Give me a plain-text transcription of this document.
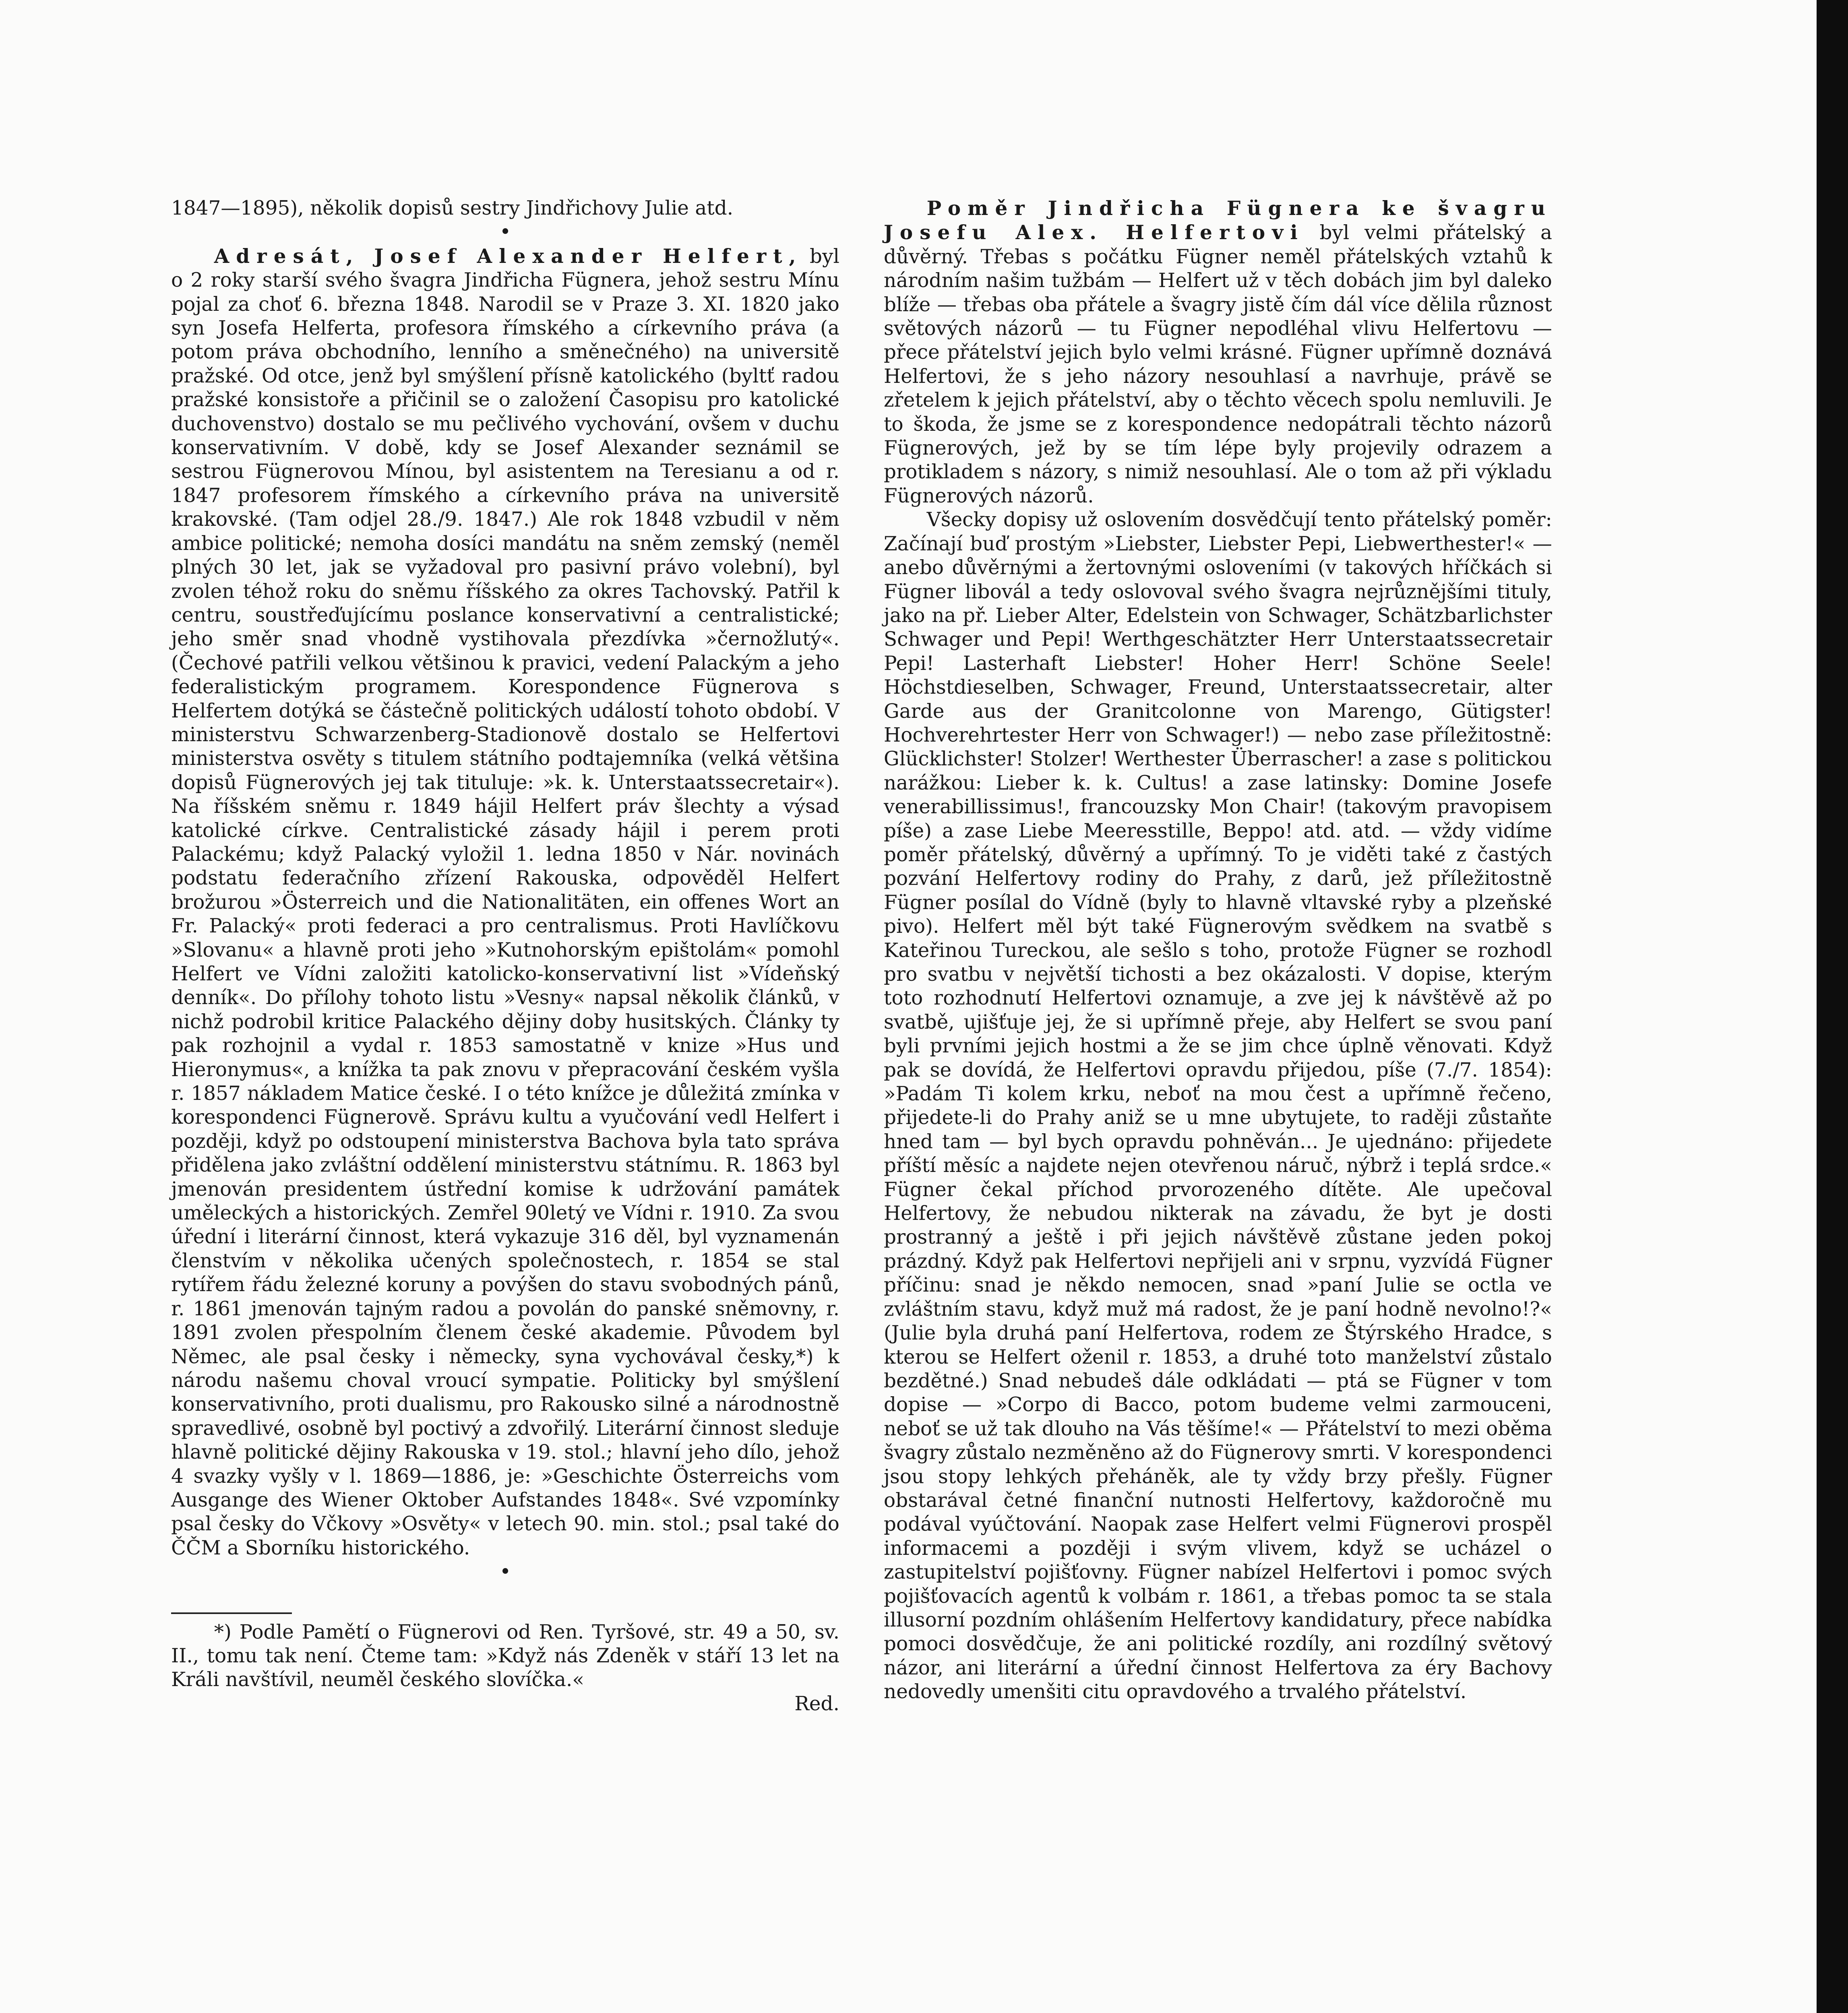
1847—1895), několik dopisů sestry Jindřichovy Julie atd.

•

Adresát, Josef Alexander Helfert, byl o 2 roky starší svého švagra Jindřicha Fügnera, jehož sestru Mínu pojal za choť 6. března 1848. Narodil se v Praze 3. XI. 1820 jako syn Josefa Helferta, profesora římského a církevního práva (a potom práva obchodního, lenního a směnečného) na universitě pražské. Od otce, jenž byl smýšlení přísně katolického (byltť radou pražské konsistoře a přičinil se o založení Časopisu pro katolické duchovenstvo) dostalo se mu pečlivého vychování, ovšem v duchu konservativním. V době, kdy se Josef Alexander seznámil se sestrou Fügnerovou Mínou, byl asistentem na Teresianu a od r. 1847 profesorem římského a církevního práva na universitě krakovské. (Tam odjel 28./9. 1847.) Ale rok 1848 vzbudil v něm ambice politické; nemoha dosíci mandátu na sněm zemský (neměl plných 30 let, jak se vyžadoval pro pasivní právo volební), byl zvolen téhož roku do sněmu říšského za okres Tachovský. Patřil k centru, soustřeďujícímu poslance konservativní a centralistické; jeho směr snad vhodně vystihovala přezdívka »černožlutý«. (Čechové patřili velkou většinou k pravici, vedení Palackým a jeho federalistickým programem. Korespondence Fügnerova s Helfertem dotýká se částečně politických událostí tohoto období. V ministerstvu Schwarzenberg-Stadionově dostalo se Helfertovi ministerstva osvěty s titulem státního podtajemníka (velká většina dopisů Fügnerových jej tak tituluje: »k. k. Unterstaatssecretair«). Na říšském sněmu r. 1849 hájil Helfert práv šlechty a výsad katolické církve. Centralistické zásady hájil i perem proti Palackému; když Palacký vyložil 1. ledna 1850 v Nár. novinách podstatu federačního zřízení Rakouska, odpověděl Helfert brožurou »Österreich und die Nationalitäten, ein offenes Wort an Fr. Palacký« proti federaci a pro centralismus. Proti Havlíčkovu »Slovanu« a hlavně proti jeho »Kutnohorským epištolám« pomohl Helfert ve Vídni založiti katolicko-konservativní list »Vídeňský denník«. Do přílohy tohoto listu »Vesny« napsal několik článků, v nichž podrobil kritice Palackého dějiny doby husitských. Články ty pak rozhojnil a vydal r. 1853 samostatně v knize »Hus und Hieronymus«, a knížka ta pak znovu v přepracování českém vyšla r. 1857 nákladem Matice české. I o této knížce je důležitá zmínka v korespondenci Fügnerově. Správu kultu a vyučování vedl Helfert i později, když po odstoupení ministerstva Bachova byla tato správa přidělena jako zvláštní oddělení ministerstvu státnímu. R. 1863 byl jmenován presidentem ústřední komise k udržování památek uměleckých a historických. Zemřel 90letý ve Vídni r. 1910. Za svou úřední i literární činnost, která vykazuje 316 děl, byl vyznamenán členstvím v několika učených společnostech, r. 1854 se stal rytířem řádu železné koruny a povýšen do stavu svobodných pánů, r. 1861 jmenován tajným radou a povolán do panské sněmovny, r. 1891 zvolen přespolním členem české akademie. Původem byl Němec, ale psal česky i německy, syna vychovával česky,*) k národu našemu choval vroucí sympatie. Politicky byl smýšlení konservativního, proti dualismu, pro Rakousko silné a národnostně spravedlivé, osobně byl poctivý a zdvořilý. Literární činnost sleduje hlavně politické dějiny Rakouska v 19. stol.; hlavní jeho dílo, jehož 4 svazky vyšly v l. 1869—1886, je: »Geschichte Österreichs vom Ausgange des Wiener Oktober Aufstandes 1848«. Své vzpomínky psal česky do Včkovy »Osvěty« v letech 90. min. stol.; psal také do ČČM a Sborníku historického.

•

*) Podle Pamětí o Fügnerovi od Ren. Tyršové, str. 49 a 50, sv. II., tomu tak není. Čteme tam: »Když nás Zdeněk v stáří 13 let na Králi navštívil, neuměl českého slovíčka.«

Red.

Poměr Jindřicha Fügnera ke švagru Josefu Alex. Helfertovi byl velmi přátelský a důvěrný. Třebas s počátku Fügner neměl přátelských vztahů k národním našim tužbám — Helfert už v těch dobách jim byl daleko blíže — třebas oba přátele a švagry jistě čím dál více dělila různost světových názorů — tu Fügner nepodléhal vlivu Helfertovu — přece přátelství jejich bylo velmi krásné. Fügner upřímně doznává Helfertovi, že s jeho názory nesouhlasí a navrhuje, právě se zřetelem k jejich přátelství, aby o těchto věcech spolu nemluvili. Je to škoda, že jsme se z korespondence nedopátrali těchto názorů Fügnerových, jež by se tím lépe byly projevily odrazem a protikladem s názory, s nimiž nesouhlasí. Ale o tom až při výkladu Fügnerových názorů.

Všecky dopisy už oslovením dosvědčují tento přátelský poměr: Začínají buď prostým »Liebster, Liebster Pepi, Liebwerthester!« — anebo důvěrnými a žertovnými osloveními (v takových hříčkách si Fügner libovál a tedy oslovoval svého švagra nejrůznějšími tituly, jako na př. Lieber Alter, Edelstein von Schwager, Schätzbarlichster Schwager und Pepi! Werthgeschätzter Herr Unterstaatssecretair Pepi! Lasterhaft Liebster! Hoher Herr! Schöne Seele! Höchstdieselben, Schwager, Freund, Unterstaatssecretair, alter Garde aus der Granitcolonne von Marengo, Gütigster! Hochverehrtester Herr von Schwager!) — nebo zase příležitostně: Glücklichster! Stolzer! Werthester Überrascher! a zase s politickou narážkou: Lieber k. k. Cultus! a zase latinsky: Domine Josefe venerabillissimus!, francouzsky Mon Chair! (takovým pravopisem píše) a zase Liebe Meeresstille, Beppo! atd. atd. — vždy vidíme poměr přátelský, důvěrný a upřímný. To je viděti také z častých pozvání Helfertovy rodiny do Prahy, z darů, jež příležitostně Fügner posílal do Vídně (byly to hlavně vltavské ryby a plzeňské pivo). Helfert měl být také Fügnerovým svědkem na svatbě s Kateřinou Tureckou, ale sešlo s toho, protože Fügner se rozhodl pro svatbu v největší tichosti a bez okázalosti. V dopise, kterým toto rozhodnutí Helfertovi oznamuje, a zve jej k návštěvě až po svatbě, ujišťuje jej, že si upřímně přeje, aby Helfert se svou paní byli prvními jejich hostmi a že se jim chce úplně věnovati. Když pak se dovídá, že Helfertovi opravdu přijedou, píše (7./7. 1854): »Padám Ti kolem krku, neboť na mou čest a upřímně řečeno, přijedete-li do Prahy aniž se u mne ubytujete, to raději zůstaňte hned tam — byl bych opravdu pohněván... Je ujednáno: přijedete příští měsíc a najdete nejen otevřenou náruč, nýbrž i teplá srdce.« Fügner čekal příchod prvorozeného dítěte. Ale upečoval Helfertovy, že nebudou nikterak na závadu, že byt je dosti prostranný a ještě i při jejich návštěvě zůstane jeden pokoj prázdný. Když pak Helfertovi nepřijeli ani v srpnu, vyzvídá Fügner příčinu: snad je někdo nemocen, snad »paní Julie se octla ve zvláštním stavu, když muž má radost, že je paní hodně nevolno!?« (Julie byla druhá paní Helfertova, rodem ze Štýrského Hradce, s kterou se Helfert oženil r. 1853, a druhé toto manželství zůstalo bezdětné.) Snad nebudeš dále odkládati — ptá se Fügner v tom dopise — »Corpo di Bacco, potom budeme velmi zarmouceni, neboť se už tak dlouho na Vás těšíme!« — Přátelství to mezi oběma švagry zůstalo nezměněno až do Fügnerovy smrti. V korespondenci jsou stopy lehkých přeháněk, ale ty vždy brzy přešly. Fügner obstarával četné finanční nutnosti Helfertovy, každoročně mu podával vyúčtování. Naopak zase Helfert velmi Fügnerovi prospěl informacemi a později i svým vlivem, když se ucházel o zastupitelství pojišťovny. Fügner nabízel Helfertovi i pomoc svých pojišťovacích agentů k volbám r. 1861, a třebas pomoc ta se stala illusorní pozdním ohlášením Helfertovy kandidatury, přece nabídka pomoci dosvědčuje, že ani politické rozdíly, ani rozdílný světový názor, ani literární a úřední činnost Helfertova za éry Bachovy nedovedly umenšiti citu opravdového a trvalého přátelství.
